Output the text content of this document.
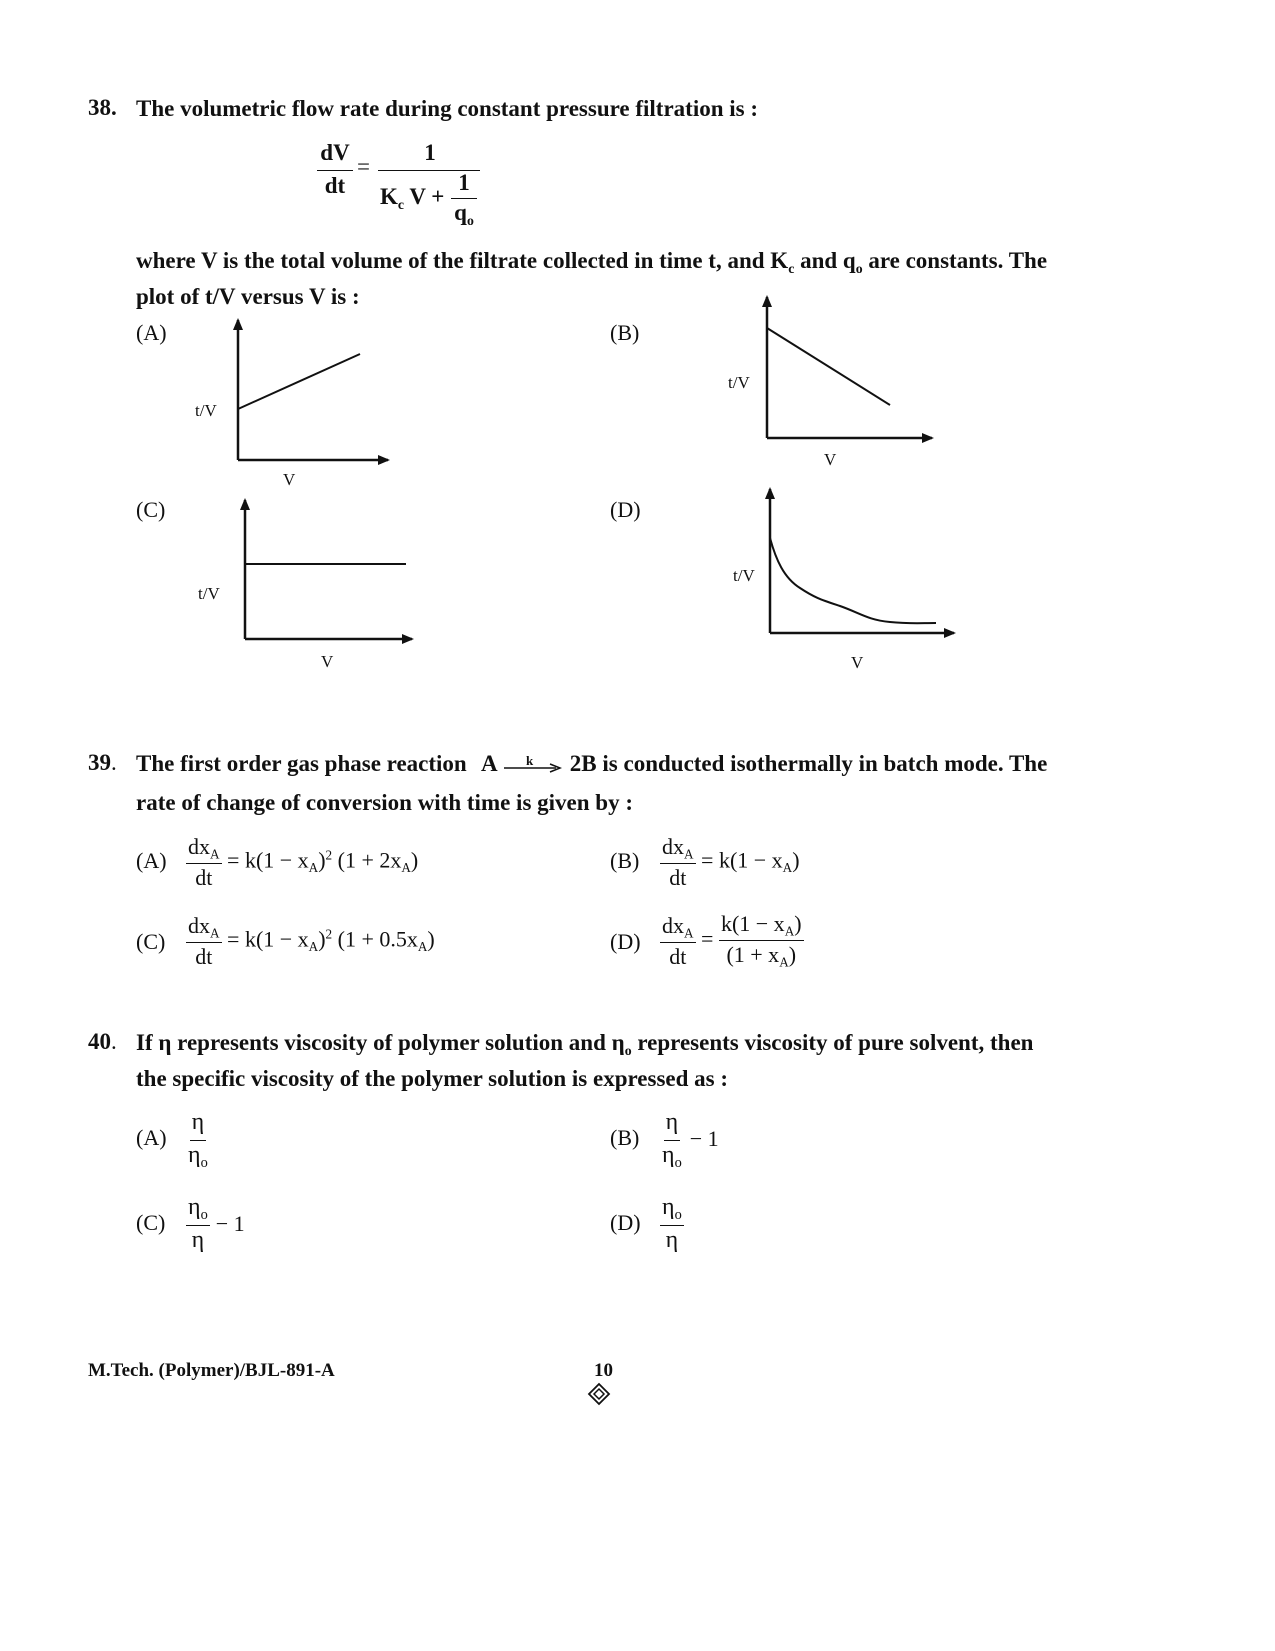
38. The volumetric flow rate during constant pressure filtration is :
dV
dt
=
1
$K_c$ V +
1
$q_o$
where V is the total volume of the filtrate collected in time t, and $K_c$ and $q_o$ are constants. The
plot of t/V versus V is :
(A)	(B)
(C)	(D)
t/V
V
t/V
V
t/V
V
t/V
V
39. The first order gas phase reaction A k 2B is conducted isothermally in batch mode. The
rate of change of conversion with time is given by :
$(A) \frac{dx_A}{dt} = k(1 - x_A)^2$ $(1 + 2x_A)$	$(B) \frac{dx_A}{dt} = k(1 - x_A)$
$(C) \frac{dx_A}{dt} = k(1 - x_A)^2$ $(1 + 0.5x_A)$	$(D) \frac{dx_A}{dt} = \frac{k(1 - x_A)}{(1 + x_A)}$
40. If η represents viscosity of polymer solution and $\eta_o$ represents viscosity of pure solvent, then
the specific viscosity of the polymer solution is expressed as :
$(A) \frac{\eta}{\eta_o}$	$(B) \frac{\eta}{\eta_o} - 1$
$(C) \frac{\eta_o}{\eta} - 1$	$(D) \frac{\eta_o}{\eta}$
M.Tech. (Polymer)/BJL-891-A	10
